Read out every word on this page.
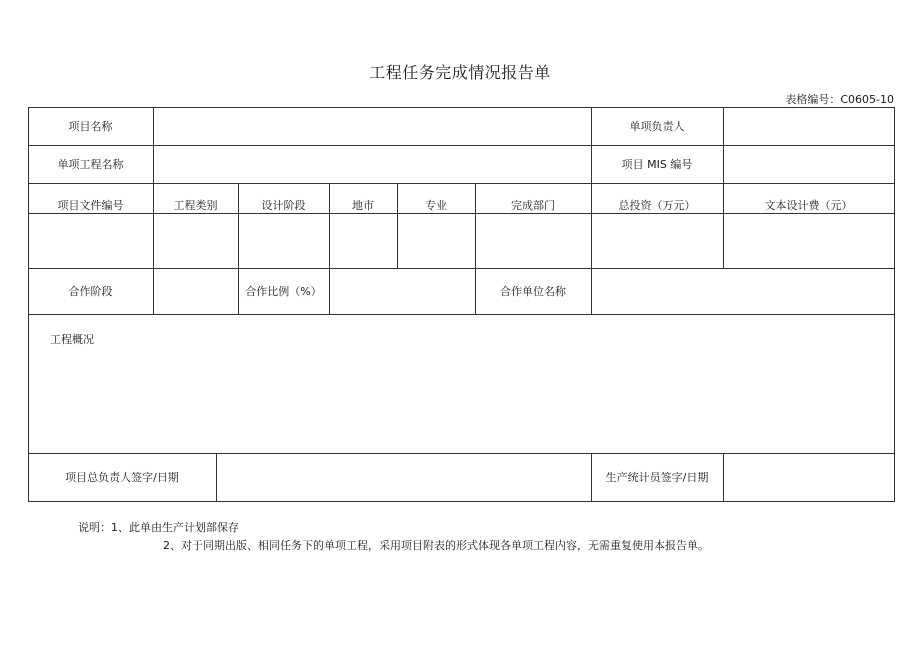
工程任务完成情况报告单
表格编号：C0605-10
项目名称	单项负责人
单项工程名称	项目 MIS 编号
项目文件编号	工程类别	设计阶段	地市	专业	完成部门	总投资（万元）	文本设计费（元）
合作阶段	合作比例（%）	合作单位名称
工程概况
项目总负责人签字/日期	生产统计员签字/日期
说明：1、此单由生产计划部保存
2、对于同期出版、相同任务下的单项工程，采用项目附表的形式体现各单项工程内容，无需重复使用本报告单。
